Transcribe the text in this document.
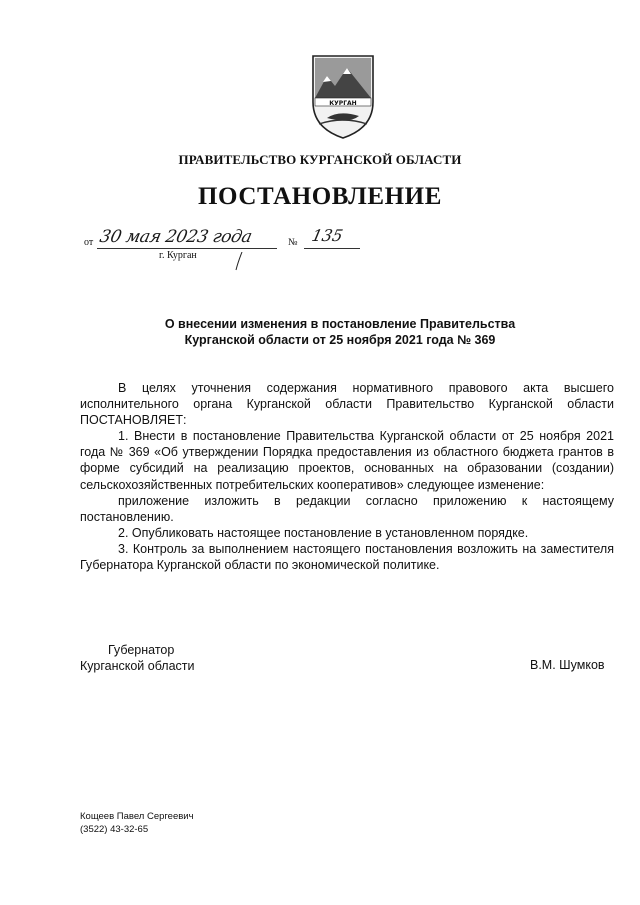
КУРГАН
ПРАВИТЕЛЬСТВО КУРГАНСКОЙ ОБЛАСТИ
ПОСТАНОВЛЕНИЕ
от 30 мая 2023 года	№ 135
г. Курган
О внесении изменения в постановление Правительства
Курганской области от 25 ноября 2021 года № 369

В целях уточнения содержания нормативного правового акта высшего исполнительного органа Курганской области Правительство Курганской области ПОСТАНОВЛЯЕТ:

1. Внести в постановление Правительства Курганской области от 25 ноября 2021 года № 369 «Об утверждении Порядка предоставления из областного бюджета грантов в форме субсидий на реализацию проектов, основанных на образовании (создании) сельскохозяйственных потребительских кооперативов» следующее изменение:

приложение изложить в редакции согласно приложению к настоящему постановлению.

2. Опубликовать настоящее постановление в установленном порядке.

3. Контроль за выполнением настоящего постановления возложить на заместителя Губернатора Курганской области по экономической политике.

Губернатор
Курганской области	В.М. Шумков
Кощеев Павел Сергеевич
(3522) 43-32-65
